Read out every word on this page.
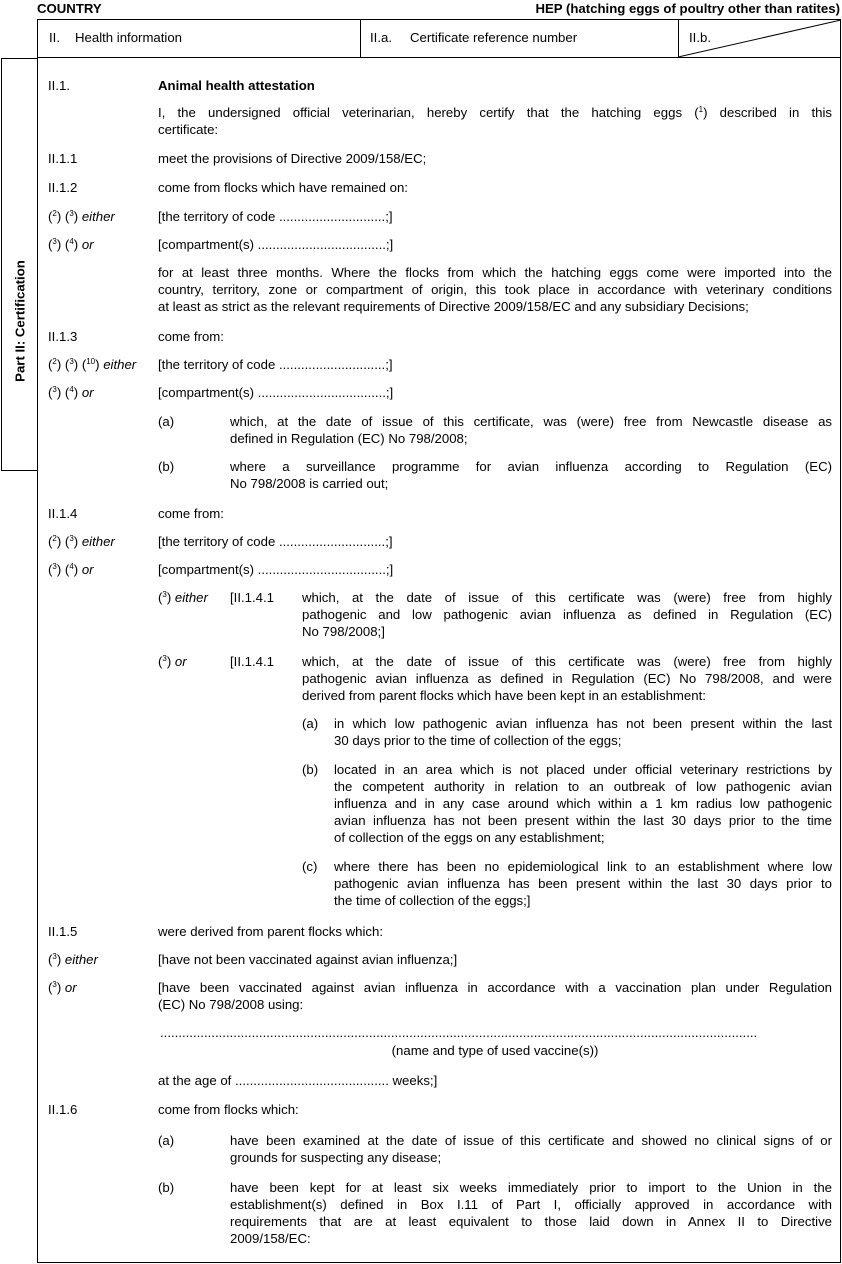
COUNTRY	HEP (hatching eggs of poultry other than ratites)
II. Health information	II.a. Certificate reference number	II.b.
Part II: Certification
II.1.	Animal health attestation
I, the undersigned official veterinarian, hereby certify that the hatching eggs ($^1$) described in this
certificate:
II.1.1	meet the provisions of Directive 2009/158/EC;
II.1.2	come from flocks which have remained on:
($^2$) ($^3$) either	[the territory of code .............................;]
($^3$) ($^4$) or	[compartment(s) ...................................;]
for at least three months. Where the flocks from which the hatching eggs come were imported into the
country, territory, zone or compartment of origin, this took place in accordance with veterinary conditions
at least as strict as the relevant requirements of Directive 2009/158/EC and any subsidiary Decisions;
II.1.3	come from:
($^2$) ($^3$) ($^{10}$) either [the territory of code .............................;]
($^3$) ($^4$) or	[compartment(s) ...................................;]
(a)	which, at the date of issue of this certificate, was (were) free from Newcastle disease as
defined in Regulation (EC) No 798/2008;
(b)	where a surveillance programme for avian influenza according to Regulation (EC)
No 798/2008 is carried out;
II.1.4	come from:
($^2$) ($^3$) either	[the territory of code .............................;]
($^3$) ($^4$) or	[compartment(s) ...................................;]
($^3$) either [II.1.4.1 which, at the date of issue of this certificate was (were) free from highly
pathogenic and low pathogenic avian influenza as defined in Regulation (EC)
No 798/2008;]
($^3$) or	[II.1.4.1 which, at the date of issue of this certificate was (were) free from highly
pathogenic avian influenza as defined in Regulation (EC) No 798/2008, and were
derived from parent flocks which have been kept in an establishment:
(a) in which low pathogenic avian influenza has not been present within the last
30 days prior to the time of collection of the eggs;
(b) located in an area which is not placed under official veterinary restrictions by
the competent authority in relation to an outbreak of low pathogenic avian
influenza and in any case around which within a 1 km radius low pathogenic
avian influenza has not been present within the last 30 days prior to the time
of collection of the eggs on any establishment;
(c) where there has been no epidemiological link to an establishment where low
pathogenic avian influenza has been present within the last 30 days prior to
the time of collection of the eggs;]
II.1.5	were derived from parent flocks which:
($^3$) either	[have not been vaccinated against avian influenza;]
($^3$) or	[have been vaccinated against avian influenza in accordance with a vaccination plan under Regulation
(EC) No 798/2008 using:
...................................................................................................................................................................
(name and type of used vaccine(s))
at the age of .......................................... weeks;]
II.1.6	come from flocks which:
(a)	have been examined at the date of issue of this certificate and showed no clinical signs of or
grounds for suspecting any disease;
(b)	have been kept for at least six weeks immediately prior to import to the Union in the
establishment(s) defined in Box I.11 of Part I, officially approved in accordance with
requirements that are at least equivalent to those laid down in Annex II to Directive
2009/158/EC:
